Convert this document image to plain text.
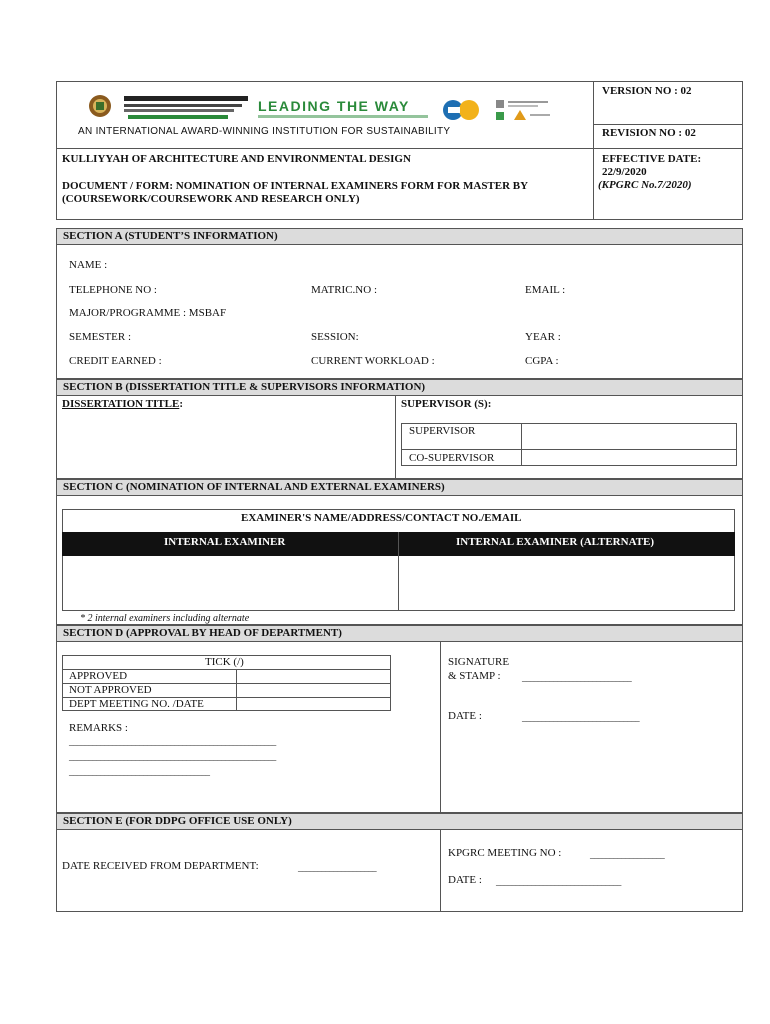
LEADING THE WAY
AN INTERNATIONAL AWARD-WINNING INSTITUTION FOR SUSTAINABILITY
VERSION NO : 02
REVISION NO : 02
KULLIYYAH OF ARCHITECTURE AND ENVIRONMENTAL DESIGN	EFFECTIVE DATE:
22/9/2020
(KPGRC No.7/2020)
DOCUMENT / FORM: NOMINATION OF INTERNAL EXAMINERS FORM FOR MASTER BY
(COURSEWORK/COURSEWORK AND RESEARCH ONLY)
SECTION A (STUDENT’S INFORMATION)
NAME :
TELEPHONE NO :	MATRIC.NO :	EMAIL :
MAJOR/PROGRAMME : MSBAF
SEMESTER :	SESSION:	YEAR :
CREDIT EARNED :	CURRENT WORKLOAD :	CGPA :
SECTION B (DISSERTATION TITLE & SUPERVISORS INFORMATION)
DISSERTATION TITLE:	SUPERVISOR (S):
SUPERVISOR
CO-SUPERVISOR
SECTION C (NOMINATION OF INTERNAL AND EXTERNAL EXAMINERS)
EXAMINER'S NAME/ADDRESS/CONTACT NO./EMAIL
INTERNAL EXAMINER	INTERNAL EXAMINER (ALTERNATE)
* 2 internal examiners including alternate
SECTION D (APPROVAL BY HEAD OF DEPARTMENT)
TICK (/)
APPROVED
NOT APPROVED
DEPT MEETING NO. /DATE
REMARKS :
_____________________________________________________
_____________________________________________________
____________________________________
SIGNATURE
& STAMP : ____________________________
DATE :	______________________________
SECTION E (FOR DDPG OFFICE USE ONLY)
DATE RECEIVED FROM DEPARTMENT:	____________________
KPGRC MEETING NO :	___________________
DATE : ________________________________
